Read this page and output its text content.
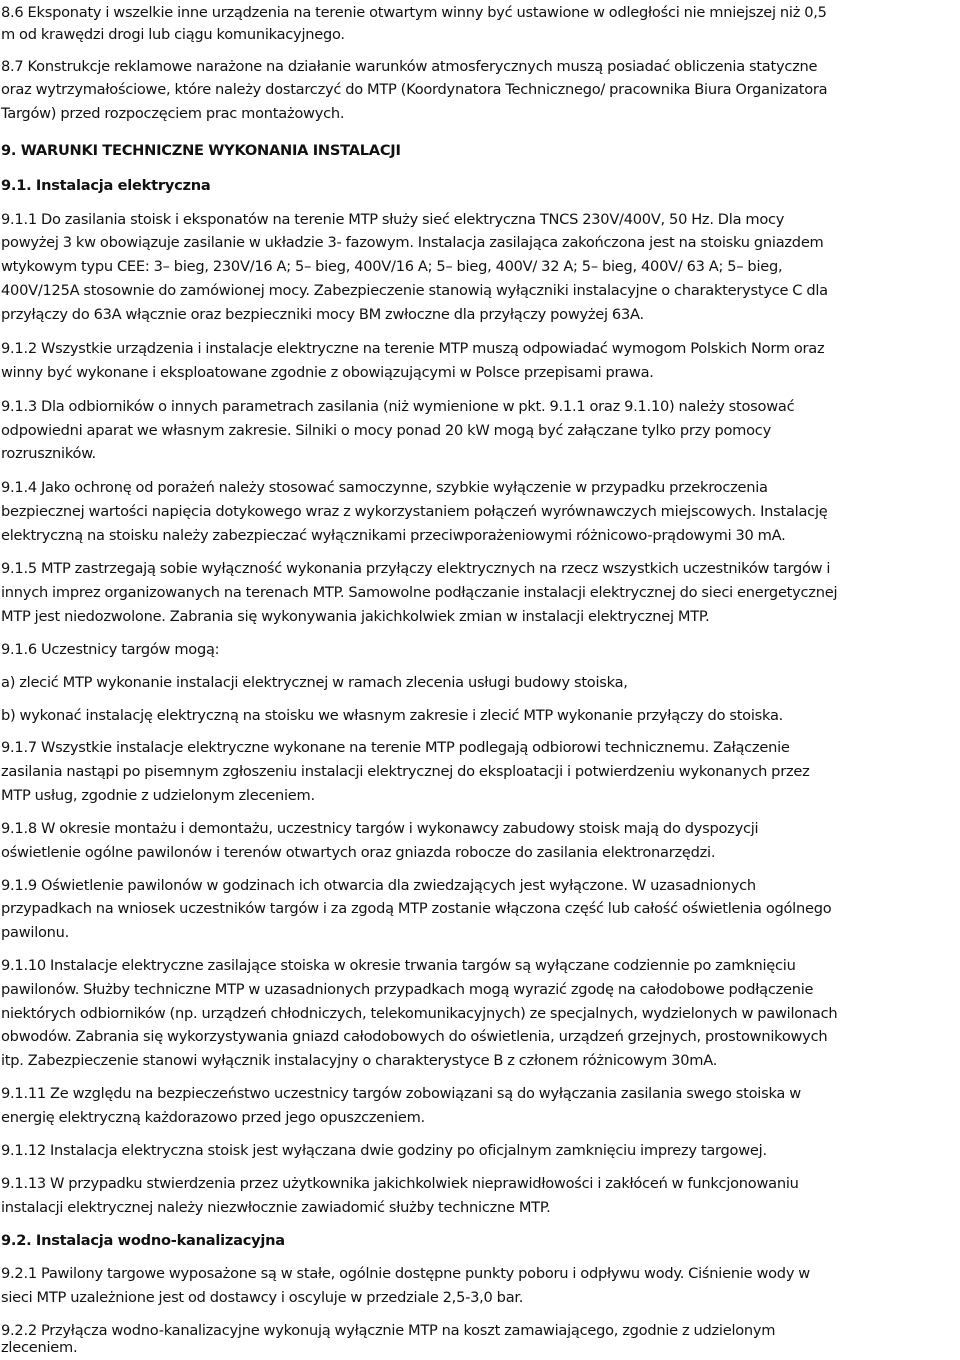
8.6 Eksponaty i wszelkie inne urządzenia na terenie otwartym winny być ustawione w odległości nie mniejszej niż 0,5

m od krawędzi drogi lub ciągu komunikacyjnego.

8.7 Konstrukcje reklamowe narażone na działanie warunków atmosferycznych muszą posiadać obliczenia statyczne

oraz wytrzymałościowe, które należy dostarczyć do MTP (Koordynatora Technicznego/ pracownika Biura Organizatora

Targów) przed rozpoczęciem prac montażowych.

9. WARUNKI TECHNICZNE WYKONANIA INSTALACJI

9.1. Instalacja elektryczna

9.1.1 Do zasilania stoisk i eksponatów na terenie MTP służy sieć elektryczna TNCS 230V/400V, 50 Hz. Dla mocy

powyżej 3 kw obowiązuje zasilanie w układzie 3- fazowym. Instalacja zasilająca zakończona jest na stoisku gniazdem

wtykowym typu CEE: 3– bieg, 230V/16 A; 5– bieg, 400V/16 A; 5– bieg, 400V/ 32 A; 5– bieg, 400V/ 63 A; 5– bieg,

400V/125A stosownie do zamówionej mocy. Zabezpieczenie stanowią wyłączniki instalacyjne o charakterystyce C dla

przyłączy do 63A włącznie oraz bezpieczniki mocy BM zwłoczne dla przyłączy powyżej 63A.

9.1.2 Wszystkie urządzenia i instalacje elektryczne na terenie MTP muszą odpowiadać wymogom Polskich Norm oraz

winny być wykonane i eksploatowane zgodnie z obowiązującymi w Polsce przepisami prawa.

9.1.3 Dla odbiorników o innych parametrach zasilania (niż wymienione w pkt. 9.1.1 oraz 9.1.10) należy stosować

odpowiedni aparat we własnym zakresie. Silniki o mocy ponad 20 kW mogą być załączane tylko przy pomocy

rozruszników.

9.1.4 Jako ochronę od porażeń należy stosować samoczynne, szybkie wyłączenie w przypadku przekroczenia

bezpiecznej wartości napięcia dotykowego wraz z wykorzystaniem połączeń wyrównawczych miejscowych. Instalację

elektryczną na stoisku należy zabezpieczać wyłącznikami przeciwporażeniowymi różnicowo-prądowymi 30 mA.

9.1.5 MTP zastrzegają sobie wyłączność wykonania przyłączy elektrycznych na rzecz wszystkich uczestników targów i

innych imprez organizowanych na terenach MTP. Samowolne podłączanie instalacji elektrycznej do sieci energetycznej

MTP jest niedozwolone. Zabrania się wykonywania jakichkolwiek zmian w instalacji elektrycznej MTP.

9.1.6 Uczestnicy targów mogą:

a) zlecić MTP wykonanie instalacji elektrycznej w ramach zlecenia usługi budowy stoiska,

b) wykonać instalację elektryczną na stoisku we własnym zakresie i zlecić MTP wykonanie przyłączy do stoiska.

9.1.7 Wszystkie instalacje elektryczne wykonane na terenie MTP podlegają odbiorowi technicznemu. Załączenie

zasilania nastąpi po pisemnym zgłoszeniu instalacji elektrycznej do eksploatacji i potwierdzeniu wykonanych przez

MTP usług, zgodnie z udzielonym zleceniem.

9.1.8 W okresie montażu i demontażu, uczestnicy targów i wykonawcy zabudowy stoisk mają do dyspozycji

oświetlenie ogólne pawilonów i terenów otwartych oraz gniazda robocze do zasilania elektronarzędzi.

9.1.9 Oświetlenie pawilonów w godzinach ich otwarcia dla zwiedzających jest wyłączone. W uzasadnionych

przypadkach na wniosek uczestników targów i za zgodą MTP zostanie włączona część lub całość oświetlenia ogólnego

pawilonu.

9.1.10 Instalacje elektryczne zasilające stoiska w okresie trwania targów są wyłączane codziennie po zamknięciu

pawilonów. Służby techniczne MTP w uzasadnionych przypadkach mogą wyrazić zgodę na całodobowe podłączenie

niektórych odbiorników (np. urządzeń chłodniczych, telekomunikacyjnych) ze specjalnych, wydzielonych w pawilonach

obwodów. Zabrania się wykorzystywania gniazd całodobowych do oświetlenia, urządzeń grzejnych, prostownikowych

itp. Zabezpieczenie stanowi wyłącznik instalacyjny o charakterystyce B z członem różnicowym 30mA.

9.1.11 Ze względu na bezpieczeństwo uczestnicy targów zobowiązani są do wyłączania zasilania swego stoiska w

energię elektryczną każdorazowo przed jego opuszczeniem.

9.1.12 Instalacja elektryczna stoisk jest wyłączana dwie godziny po oficjalnym zamknięciu imprezy targowej.

9.1.13 W przypadku stwierdzenia przez użytkownika jakichkolwiek nieprawidłowości i zakłóceń w funkcjonowaniu

instalacji elektrycznej należy niezwłocznie zawiadomić służby techniczne MTP.

9.2. Instalacja wodno-kanalizacyjna

9.2.1 Pawilony targowe wyposażone są w stałe, ogólnie dostępne punkty poboru i odpływu wody. Ciśnienie wody w

sieci MTP uzależnione jest od dostawcy i oscyluje w przedziale 2,5-3,0 bar.

9.2.2 Przyłącza wodno-kanalizacyjne wykonują wyłącznie MTP na koszt zamawiającego, zgodnie z udzielonym

zleceniem.
